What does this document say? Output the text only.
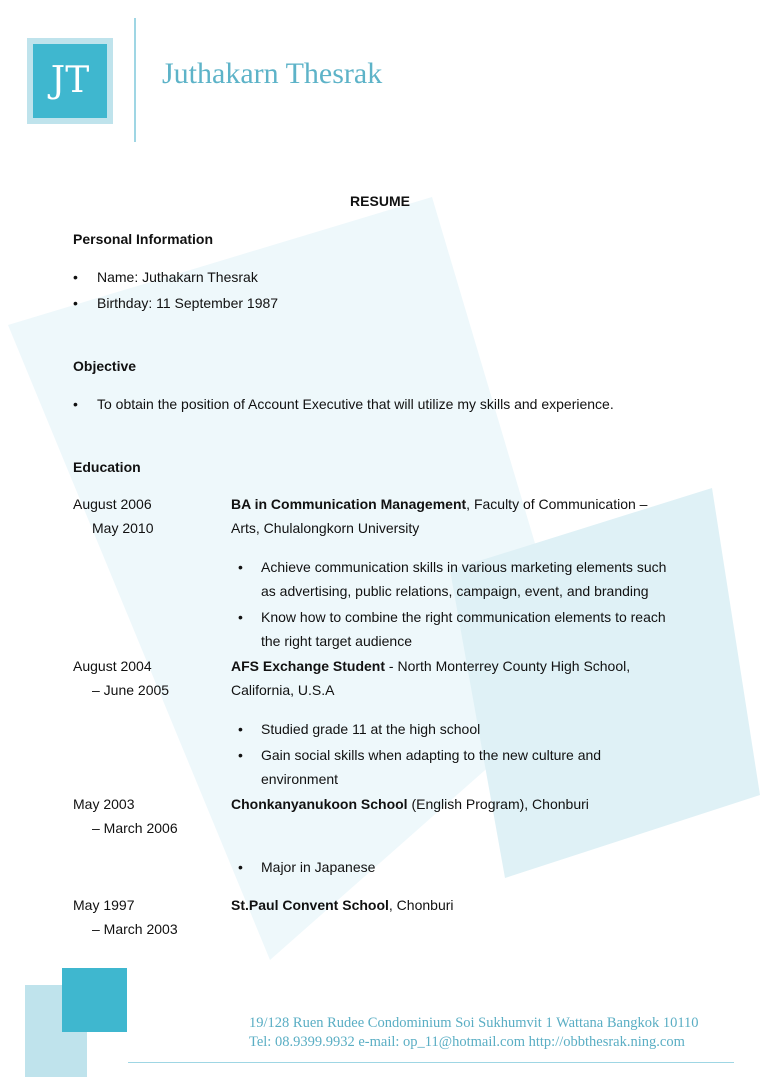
JT	Juthakarn Thesrak
RESUME
Personal Information
• Name: Juthakarn Thesrak
• Birthday: 11 September 1987
Objective
• To obtain the position of Account Executive that will utilize my skills and experience.
Education
August 2006
May 2010
BA in Communication Management, Faculty of Communication –
Arts, Chulalongkorn University
• Achieve communication skills in various marketing elements such
as advertising, public relations, campaign, event, and branding
• Know how to combine the right communication elements to reach
the right target audience
August 2004
– June 2005
AFS Exchange Student - North Monterrey County High School,
California, U.S.A
• Studied grade 11 at the high school
• Gain social skills when adapting to the new culture and
environment
May 2003
– March 2006
Chonkanyanukoon School (English Program), Chonburi
• Major in Japanese
May 1997
– March 2003
St.Paul Convent School, Chonburi
19/128 Ruen Rudee Condominium Soi Sukhumvit 1 Wattana Bangkok 10110
Tel: 08.9399.9932 e-mail: op_11@hotmail.com http://obbthesrak.ning.com
